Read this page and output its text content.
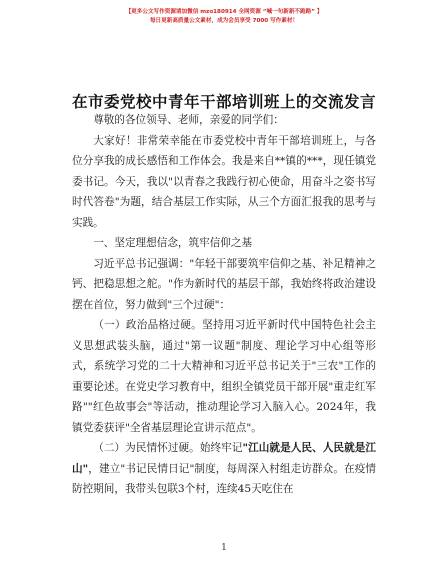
【更多公文写作资源请加微信 mzo180914 全网资源 “喊一句新新不跑路” 】
每日更新高质量公文素材，成为会员享受 7000 写作素材！
在市委党校中青年干部培训班上的交流发言

尊敬的各位领导、老师，亲爱的同学们：

大家好！非常荣幸能在市委党校中青年干部培训班上，与各位分享我的成长感悟和工作体会。我是来自**镇的***，现任镇党委书记。今天，我以"以青春之我践行初心使命，用奋斗之姿书写时代答卷"为题，结合基层工作实际，从三个方面汇报我的思考与实践。

一、坚定理想信念，筑牢信仰之基

习近平总书记强调："年轻干部要筑牢信仰之基、补足精神之钙、把稳思想之舵。"作为新时代的基层干部，我始终将政治建设摆在首位，努力做到"三个过硬"：

（一）政治品格过硬。坚持用习近平新时代中国特色社会主义思想武装头脑，通过"第一议题"制度、理论学习中心组等形式，系统学习党的二十大精神和习近平总书记关于"三农"工作的重要论述。在党史学习教育中，组织全镇党员干部开展"重走红军路""红色故事会"等活动，推动理论学习入脑入心。2024年，我镇党委获评"全省基层理论宣讲示范点"。

（二）为民情怀过硬。始终牢记"江山就是人民、人民就是江山"，建立"书记民情日记"制度，每周深入村组走访群众。在疫情防控期间，我带头包联3个村，连续45天吃住在

1
